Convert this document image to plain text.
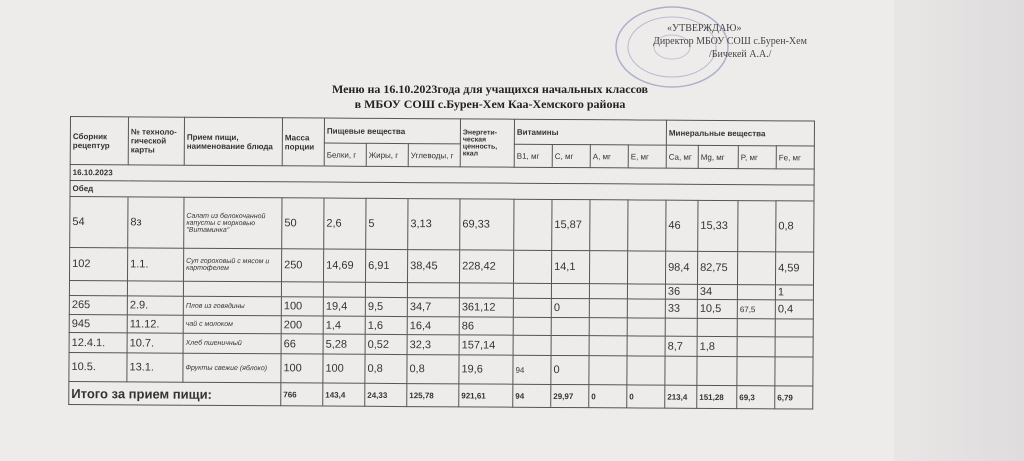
«УТВЕРЖДАЮ»
Директор МБОУ СОШ с.Бурен-Хем
/Бичекей А.А./
Меню на 16.10.2023года для учащихся начальных классов
в МБОУ СОШ с.Бурен-Хем Каа-Хемского района
Сборник рецептур	№ техноло-гической карты	Прием пищи, наименование блюда	Масса порции	Пищевые вещества			Энергети-ческая ценность, ккал	Витамины				Минеральные вещества			
				Белки, г	Жиры, г	Углеводы, г		B1, мг	C, мг	A, мг	E, мг	Ca, мг	Mg, мг	P, мг	Fe, мг
16.10.2023															
Обед															
54	8з	Салат из белокочанной капусты с морковью "Витаминка"	50	2,6	5	3,13	69,33		15,87			46	15,33		0,8
102	1.1.	Суп гороховый с мясом и картофелем	250	14,69	6,91	38,45	228,42		14,1			98,4	82,75		4,59
												36	34		1
265	2.9.	Плов из говядины	100	19,4	9,5	34,7	361,12		0			33	10,5	67,5	0,4
945	11.12.	чай с молоком	200	1,4	1,6	16,4	86								
12.4.1.	10.7.	Хлеб пшеничный	66	5,28	0,52	32,3	157,14					8,7	1,8		
10.5.	13.1.	Фрукты свежие (яблоко)	100	100	0,8	0,8	19,6	94	0						
Итого за прием пищи:			766	143,4	24,33	125,78	921,61	94	29,97	0	0	213,4	151,28	69,3	6,79
